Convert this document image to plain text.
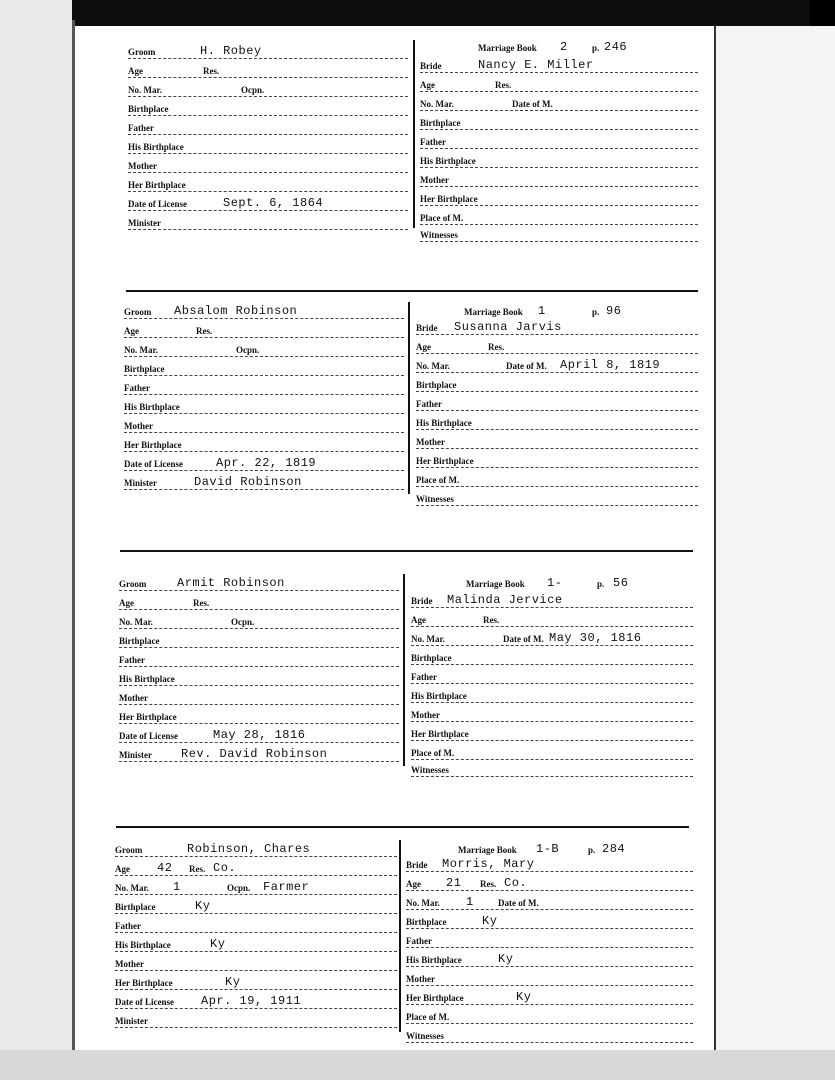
Groom	H. Robey
Age	Res.
No. Mar.	Ocpn.
Birthplace
Father
His Birthplace
Mother
Her Birthplace
Date of License	Sept. 6, 1864
Minister
Marriage Book 2	p. 246
Bride	Nancy E. Miller
Age	Res.
No. Mar.	Date of M.
Birthplace
Father
His Birthplace
Mother
Her Birthplace
Place of M.
Witnesses
Groom Absalom Robinson
Age	Res.
No. Mar.	Ocpn.
Birthplace
Father
His Birthplace
Mother
Her Birthplace
Date of License	Apr. 22, 1819
Minister	David Robinson
Marriage Book 1	p. 96
Bride Susanna Jarvis
Age	Res.
No. Mar.	Date of M. April 8, 1819
Birthplace
Father
His Birthplace
Mother
Her Birthplace
Place of M.
Witnesses
Groom	Armit Robinson
Age	Res.
No. Mar.	Ocpn.
Birthplace
Father
His Birthplace
Mother
Her Birthplace
Date of License	May 28, 1816
Minister Rev. David Robinson
Marriage Book 1-	p. 56
Bride Malinda Jervice
Age	Res.
No. Mar.	Date of M. May 30, 1816
Birthplace
Father
His Birthplace
Mother
Her Birthplace
Place of M.
Witnesses
Groom	Robinson, Chares
Age 42 Res. Co.
No. Mar. 1	Ocpn. Farmer
Birthplace	Ky
Father
His Birthplace	Ky
Mother
Her Birthplace	Ky
Date of License Apr. 19, 1911
Minister
Marriage Book 1-B	p. 284
Bride Morris, Mary
Age 21 Res. Co.
No. Mar. 1	Date of M.
Birthplace	Ky
Father
His Birthplace	Ky
Mother
Her Birthplace	Ky
Place of M.
Witnesses
